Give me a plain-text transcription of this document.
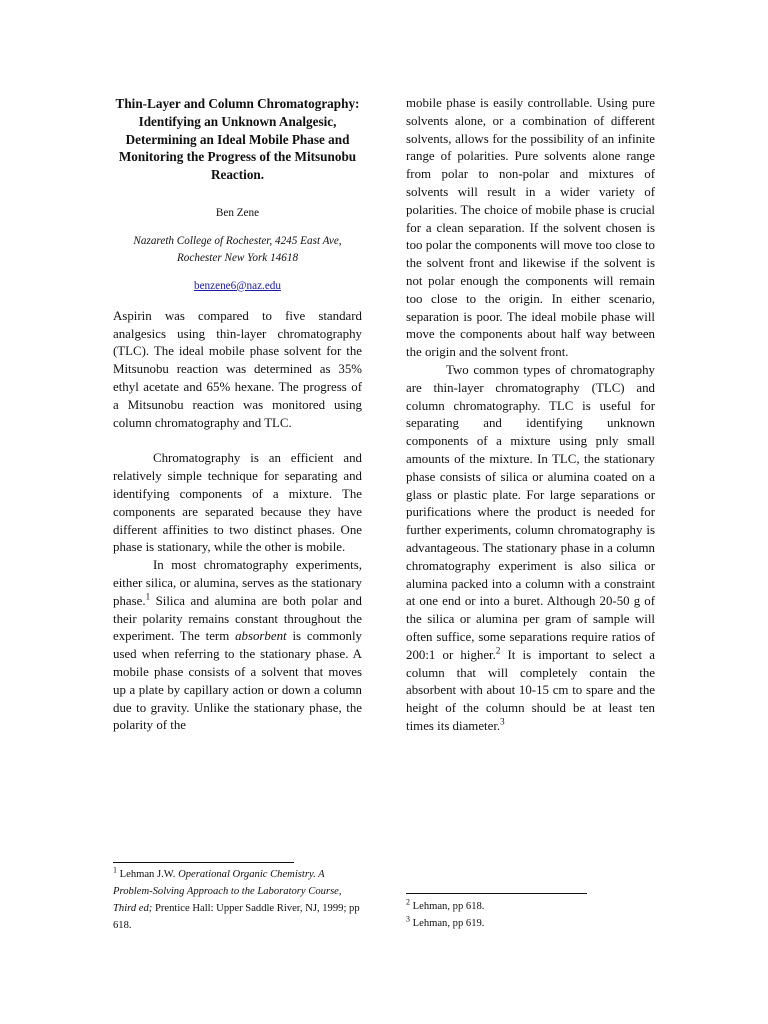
Thin-Layer and Column Chromatography: Identifying an Unknown Analgesic, Determining an Ideal Mobile Phase and Monitoring the Progress of the Mitsunobu Reaction.

Ben Zene

Nazareth College of Rochester, 4245 East Ave,
Rochester New York 14618
benzene6@naz.edu

Aspirin was compared to five standard analgesics using thin-layer chromatography (TLC). The ideal mobile phase solvent for the Mitsunobu reaction was determined as 35% ethyl acetate and 65% hexane. The progress of a Mitsunobu reaction was monitored using column chromatography and TLC.

Chromatography is an efficient and relatively simple technique for separating and identifying components of a mixture. The components are separated because they have different affinities to two distinct phases. One phase is stationary, while the other is mobile.

In most chromatography experiments, either silica, or alumina, serves as the stationary phase.$^1$ Silica and alumina are both polar and their polarity remains constant throughout the experiment. The term absorbent is commonly used when referring to the stationary phase. A mobile phase consists of a solvent that moves up a plate by capillary action or down a column due to gravity. Unlike the stationary phase, the polarity of the

mobile phase is easily controllable. Using pure solvents alone, or a combination of different solvents, allows for the possibility of an infinite range of polarities. Pure solvents alone range from polar to non-polar and mixtures of solvents will result in a wider variety of polarities. The choice of mobile phase is crucial for a clean separation. If the solvent chosen is too polar the components will move too close to the solvent front and likewise if the solvent is not polar enough the components will remain too close to the origin. In either scenario, separation is poor. The ideal mobile phase will move the components about half way between the origin and the solvent front.

Two common types of chromatography are thin-layer chromatography (TLC) and column chromatography. TLC is useful for separating and identifying unknown components of a mixture using pnly small amounts of the mixture. In TLC, the stationary phase consists of silica or alumina coated on a glass or plastic plate. For large separations or purifications where the product is needed for further experiments, column chromatography is advantageous. The stationary phase in a column chromatography experiment is also silica or alumina packed into a column with a constraint at one end or into a buret. Although 20-50 g of the silica or alumina per gram of sample will often suffice, some separations require ratios of 200:1 or higher.$^2$ It is important to select a column that will completely contain the absorbent with about 10-15 cm to spare and the height of the column should be at least ten times its diameter.$^3$

$^1$ Lehman J.W. Operational Organic Chemistry. A Problem-Solving Approach to the Laboratory Course, Third ed; Prentice Hall: Upper Saddle River, NJ, 1999; pp 618.

$^2$ Lehman, pp 618.

$^3$ Lehman, pp 619.
